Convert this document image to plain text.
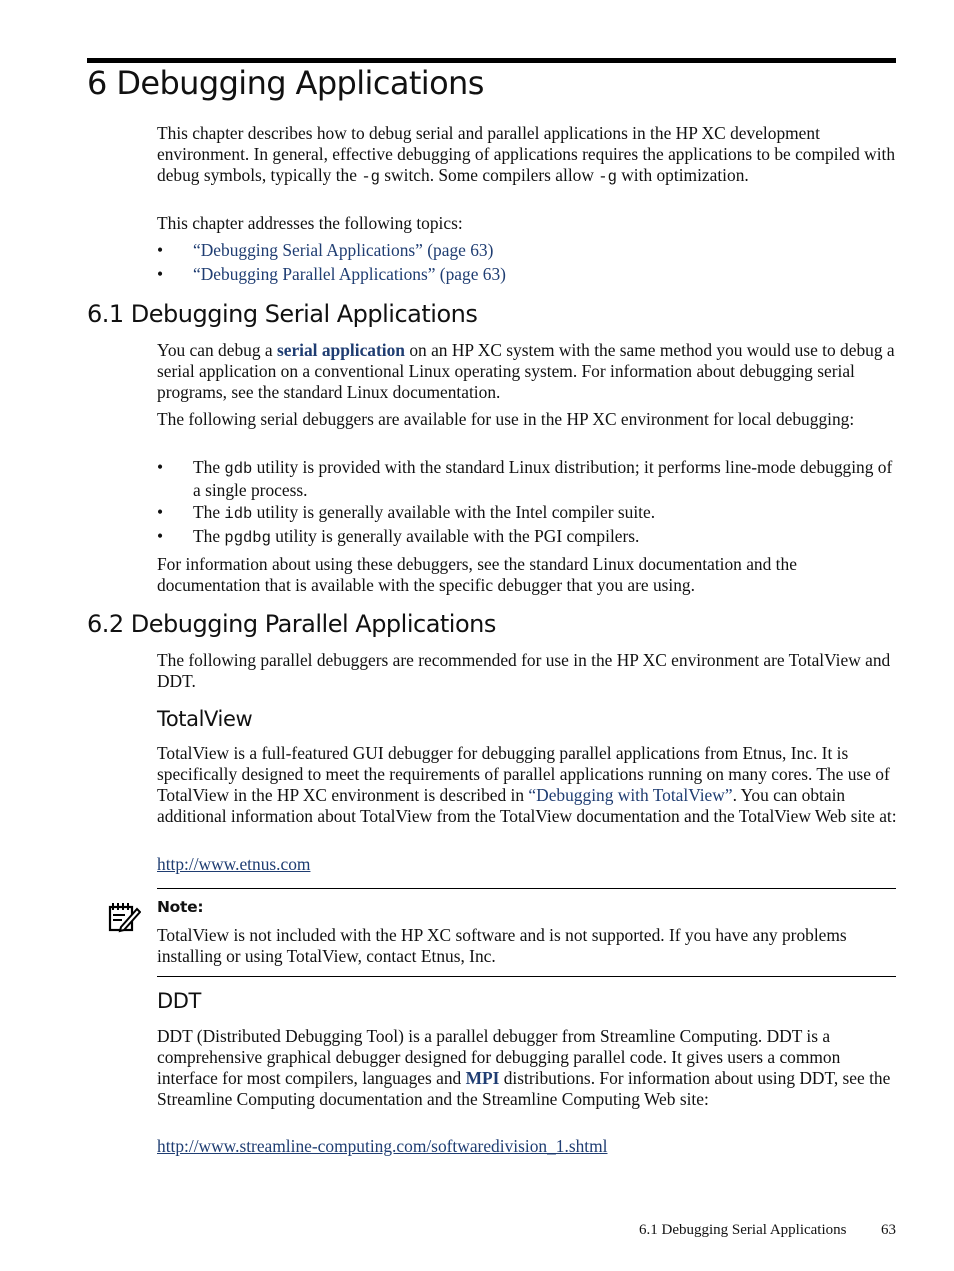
6 Debugging Applications

This chapter describes how to debug serial and parallel applications in the HP XC development environment. In general, effective debugging of applications requires the applications to be compiled with debug symbols, typically the -g switch. Some compilers allow -g with optimization.

This chapter addresses the following topics:

• “Debugging Serial Applications” (page 63)
• “Debugging Parallel Applications” (page 63)
6.1 Debugging Serial Applications

You can debug a serial application on an HP XC system with the same method you would use to debug a serial application on a conventional Linux operating system. For information about debugging serial programs, see the standard Linux documentation.

The following serial debuggers are available for use in the HP XC environment for local debugging:

• The gdb utility is provided with the standard Linux distribution; it performs line-mode debugging of a single process.
• The idb utility is generally available with the Intel compiler suite.
• The pgdbg utility is generally available with the PGI compilers.

For information about using these debuggers, see the standard Linux documentation and the documentation that is available with the specific debugger that you are using.

6.2 Debugging Parallel Applications

The following parallel debuggers are recommended for use in the HP XC environment are TotalView and DDT.

TotalView

TotalView is a full-featured GUI debugger for debugging parallel applications from Etnus, Inc. It is specifically designed to meet the requirements of parallel applications running on many cores. The use of TotalView in the HP XC environment is described in “Debugging with TotalView”. You can obtain additional information about TotalView from the TotalView documentation and the TotalView Web site at:

http://www.etnus.com

Note:

TotalView is not included with the HP XC software and is not supported. If you have any problems installing or using TotalView, contact Etnus, Inc.

DDT

DDT (Distributed Debugging Tool) is a parallel debugger from Streamline Computing. DDT is a comprehensive graphical debugger designed for debugging parallel code. It gives users a common interface for most compilers, languages and MPI distributions. For information about using DDT, see the Streamline Computing documentation and the Streamline Computing Web site:

http://www.streamline-computing.com/softwaredivision_1.shtml

6.1 Debugging Serial Applications 63
